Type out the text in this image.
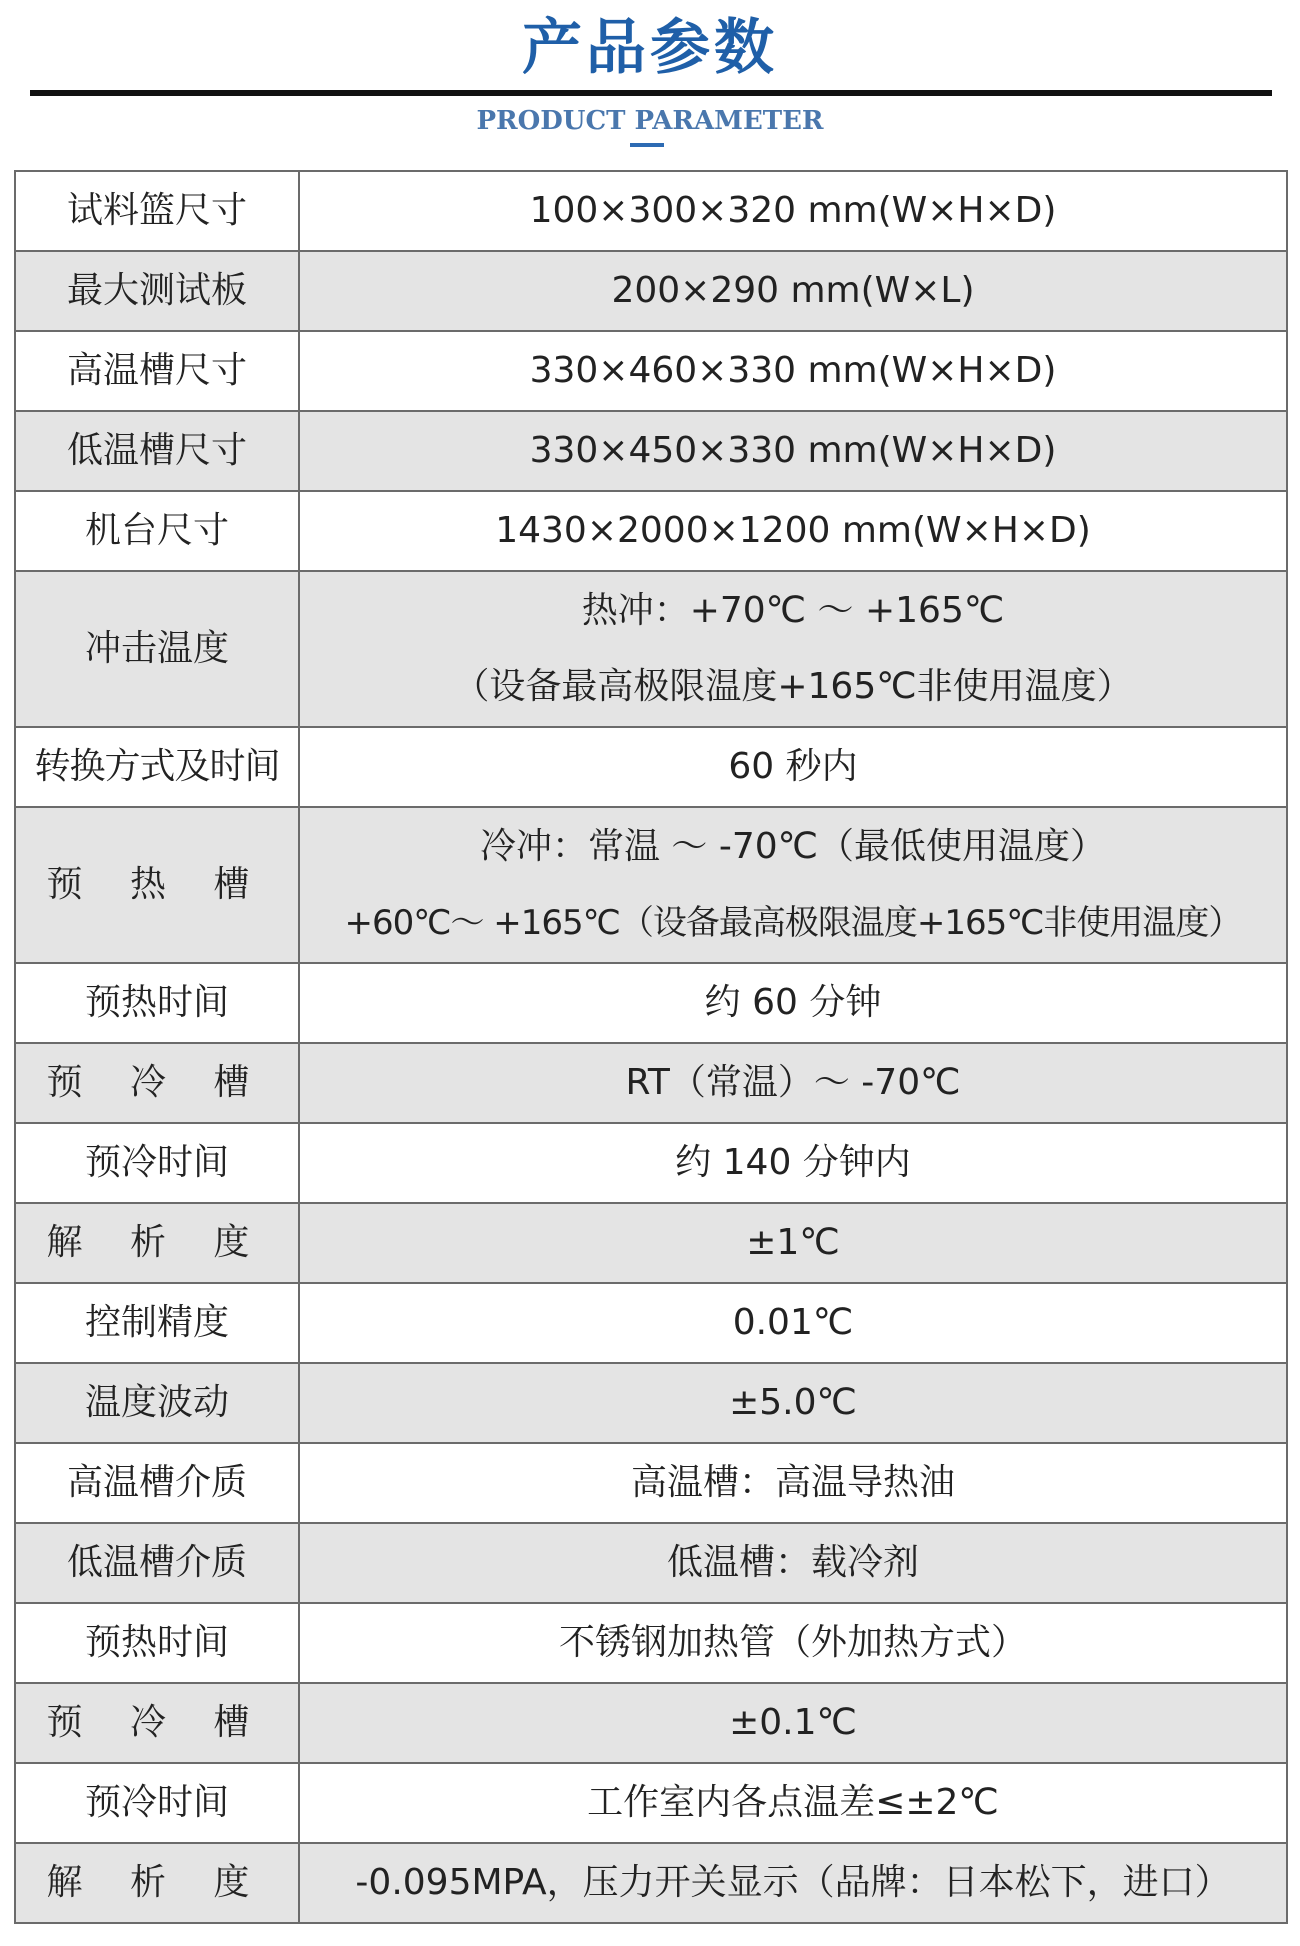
产品参数
PRODUCT PARAMETER
试料篮尺寸	100×300×320 mm(W×H×D)
最大测试板	200×290 mm(W×L)
高温槽尺寸	330×460×330 mm(W×H×D)
低温槽尺寸	330×450×330 mm(W×H×D)
机台尺寸	1430×2000×1200 mm(W×H×D)
冲击温度	热冲：+70℃ ～ +165℃
（设备最高极限温度+165℃非使用温度）

转换方式及时间	60 秒内
预 热 槽	冷冲：常温 ～ -70℃（最低使用温度）
+60℃～ +165℃（设备最高极限温度+165℃非使用温度）

预热时间	约 60 分钟
预 冷 槽	RT（常温）～ -70℃
预冷时间	约 140 分钟内
解 析 度	±1℃
控制精度	0.01℃
温度波动	±5.0℃
高温槽介质	高温槽：高温导热油
低温槽介质	低温槽：载冷剂
预热时间	不锈钢加热管（外加热方式）
预 冷 槽	±0.1℃
预冷时间	工作室内各点温差≤±2℃
解 析 度	-0.095MPA，压力开关显示（品牌：日本松下，进口）
